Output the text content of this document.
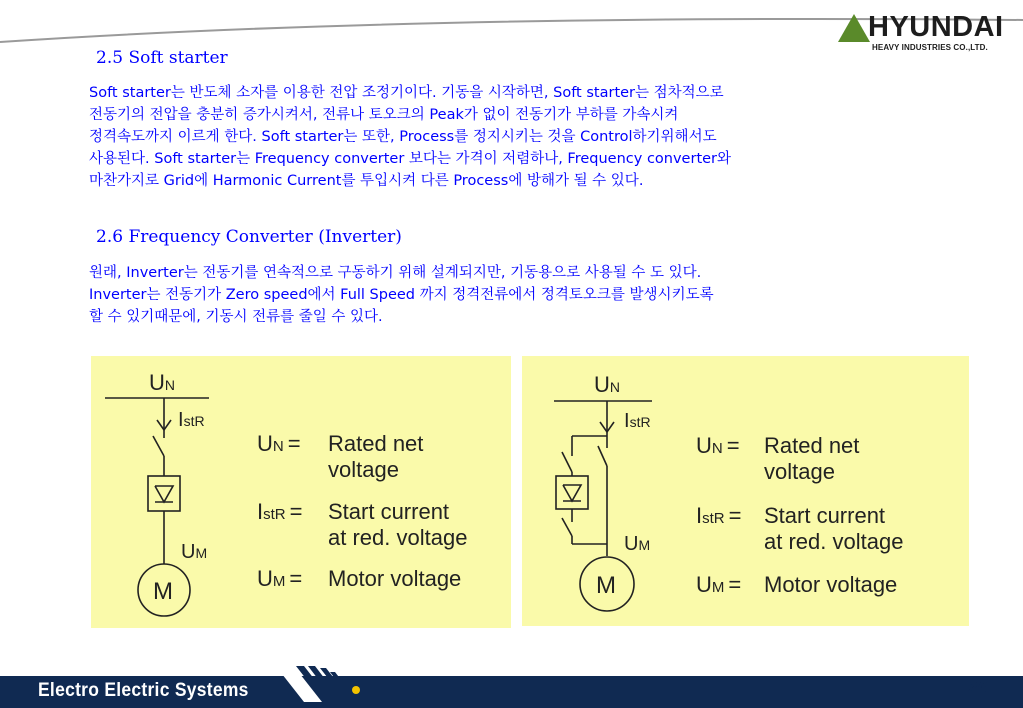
HYUNDAI
HEAVY INDUSTRIES CO.,LTD.
2.5 Soft starter
Soft starter는 반도체 소자를 이용한 전압 조정기이다. 기동을 시작하면, Soft starter는 점차적으로
전동기의 전압을 충분히 증가시켜서, 전류나 토오크의 Peak가 없이 전동기가 부하를 가속시켜
정격속도까지 이르게 한다. Soft starter는 또한, Process를 정지시키는 것을 Control하기위해서도
사용된다. Soft starter는 Frequency converter 보다는 가격이 저렴하나, Frequency converter와
마찬가지로 Grid에 Harmonic Current를 투입시켜 다른 Process에 방해가 될 수 있다.
2.6 Frequency Converter (Inverter)
원래, Inverter는 전동기를 연속적으로 구동하기 위해 설계되지만, 기동용으로 사용될 수 도 있다.
Inverter는 전동기가 Zero speed에서 Full Speed 까지 정격전류에서 정격토오크를 발생시키도록
할 수 있기때문에, 기동시 전류를 줄일 수 있다.
UN
IstR
UM
M
UN = Rated net
voltage
IstR = Start current
at red. voltage
UM = Motor voltage
UN
IstR
UM
M
UN = Rated net
voltage
IstR = Start current
at red. voltage
UM = Motor voltage
Electro Electric Systems	26
